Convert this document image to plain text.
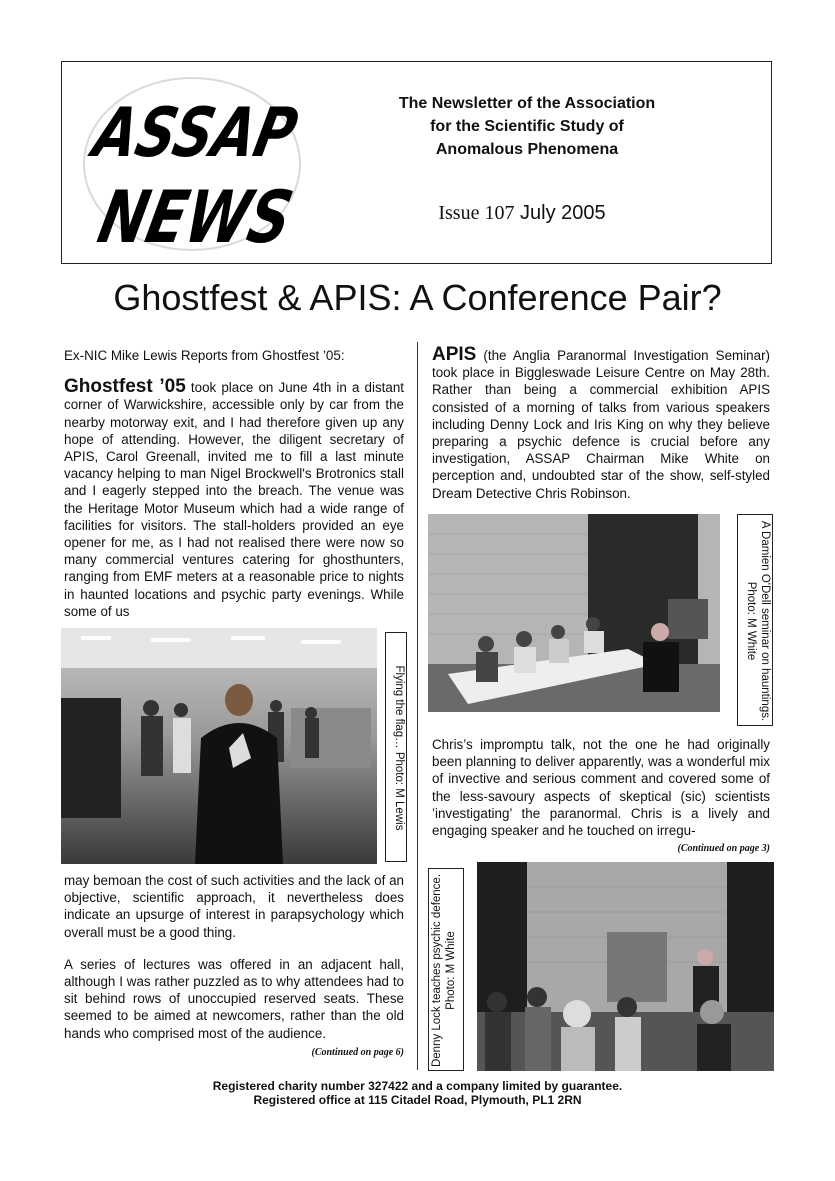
ASSAP
NEWS
The Newsletter of the Association
for the Scientific Study of
Anomalous Phenomena
Issue 107 July 2005
Ghostfest & APIS: A Conference Pair?

Ex-NIC Mike Lewis Reports from Ghostfest ’05:

Ghostfest ’05 took place on June 4th in a distant corner of Warwickshire, accessible only by car from the nearby motorway exit, and I had therefore given up any hope of attending. However, the diligent secretary of APIS, Carol Greenall, invited me to fill a last minute vacancy helping to man Nigel Brockwell's Brotronics stall and I eagerly stepped into the breach. The venue was the Heritage Motor Museum which had a wide range of facilities for visitors. The stall-holders provided an eye opener for me, as I had not realised there were now so many commercial ventures catering for ghosthunters, ranging from EMF meters at a reasonable price to nights in haunted locations and psychic party evenings. While some of us

Flying the flag… Photo: M Lewis

may bemoan the cost of such activities and the lack of an objective, scientific approach, it nevertheless does indicate an upsurge of interest in parapsychology which overall must be a good thing.

A series of lectures was offered in an adjacent hall, although I was rather puzzled as to why attendees had to sit behind rows of unoccupied reserved seats. These seemed to be aimed at newcomers, rather than the old hands who comprised most of the audience.

(Continued on page 6)

APIS (the Anglia Paranormal Investigation Seminar) took place in Biggleswade Leisure Centre on May 28th. Rather than being a commercial exhibition APIS consisted of a morning of talks from various speakers including Denny Lock and Iris King on why they believe preparing a psychic defence is crucial before any investigation, ASSAP Chairman Mike White on perception and, undoubted star of the show, self-styled Dream Detective Chris Robinson.

A Damien O'Dell seminar on hauntings.
Photo: M White

Chris’s impromptu talk, not the one he had originally been planning to deliver apparently, was a wonderful mix of invective and serious comment and covered some of the less-savoury aspects of skeptical (sic) scientists ’investigating’ the paranormal. Chris is a lively and engaging speaker and he touched on irregu-

(Continued on page 3)

Denny Lock teaches psychic defence. Photo: M White
Registered charity number 327422 and a company limited by guarantee.
Registered office at 115 Citadel Road, Plymouth, PL1 2RN
